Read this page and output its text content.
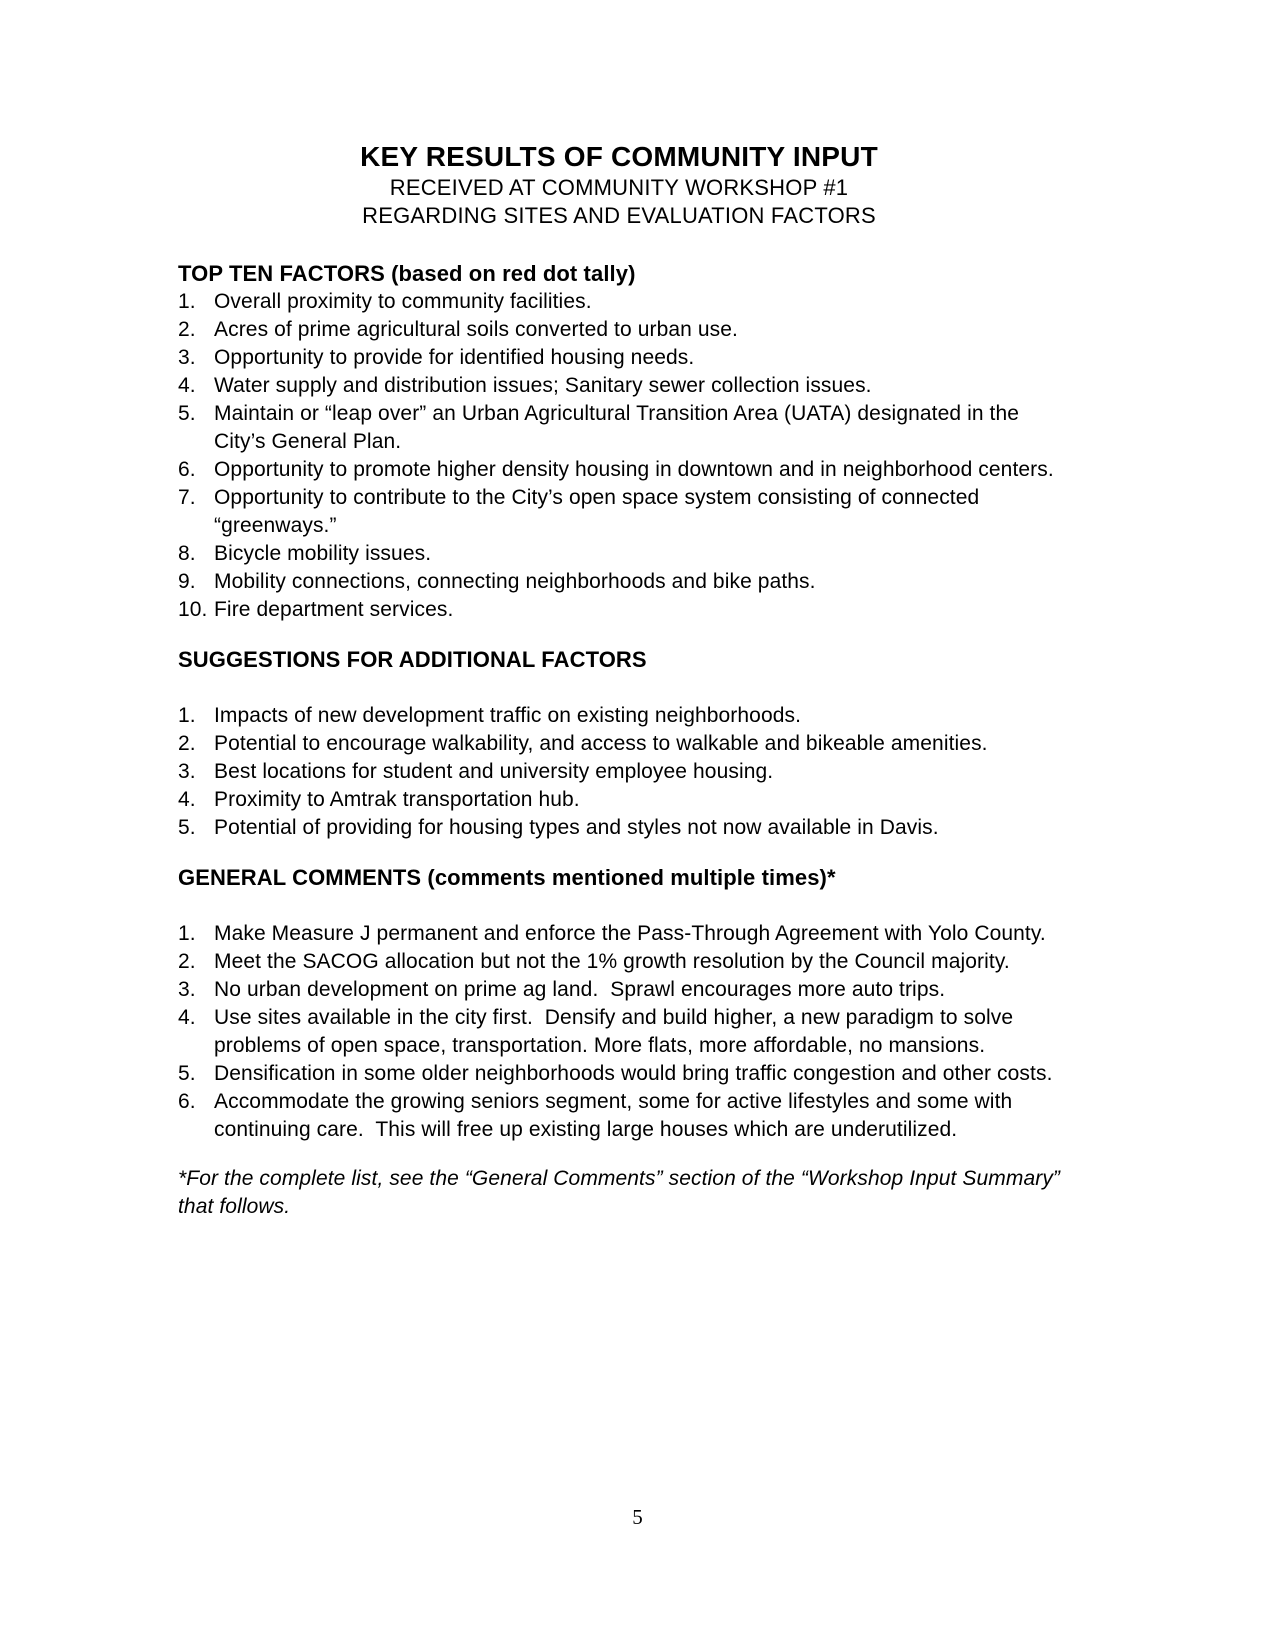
KEY RESULTS OF COMMUNITY INPUT
RECEIVED AT COMMUNITY WORKSHOP #1
REGARDING SITES AND EVALUATION FACTORS
TOP TEN FACTORS (based on red dot tally)
1. Overall proximity to community facilities.
2. Acres of prime agricultural soils converted to urban use.
3. Opportunity to provide for identified housing needs.
4. Water supply and distribution issues; Sanitary sewer collection issues.
5. Maintain or “leap over” an Urban Agricultural Transition Area (UATA) designated in the City’s General Plan.
6. Opportunity to promote higher density housing in downtown and in neighborhood centers.
7. Opportunity to contribute to the City’s open space system consisting of connected “greenways.”
8. Bicycle mobility issues.
9. Mobility connections, connecting neighborhoods and bike paths.
10. Fire department services.
SUGGESTIONS FOR ADDITIONAL FACTORS
1. Impacts of new development traffic on existing neighborhoods.
2. Potential to encourage walkability, and access to walkable and bikeable amenities.
3. Best locations for student and university employee housing.
4. Proximity to Amtrak transportation hub.
5. Potential of providing for housing types and styles not now available in Davis.
GENERAL COMMENTS (comments mentioned multiple times)*
1. Make Measure J permanent and enforce the Pass-Through Agreement with Yolo County.
2. Meet the SACOG allocation but not the 1% growth resolution by the Council majority.
3. No urban development on prime ag land.  Sprawl encourages more auto trips.
4. Use sites available in the city first.  Densify and build higher, a new paradigm to solve problems of open space, transportation. More flats, more affordable, no mansions.
5. Densification in some older neighborhoods would bring traffic congestion and other costs.
6. Accommodate the growing seniors segment, some for active lifestyles and some with continuing care.  This will free up existing large houses which are underutilized.

*For the complete list, see the “General Comments” section of the “Workshop Input Summary” that follows.

5
